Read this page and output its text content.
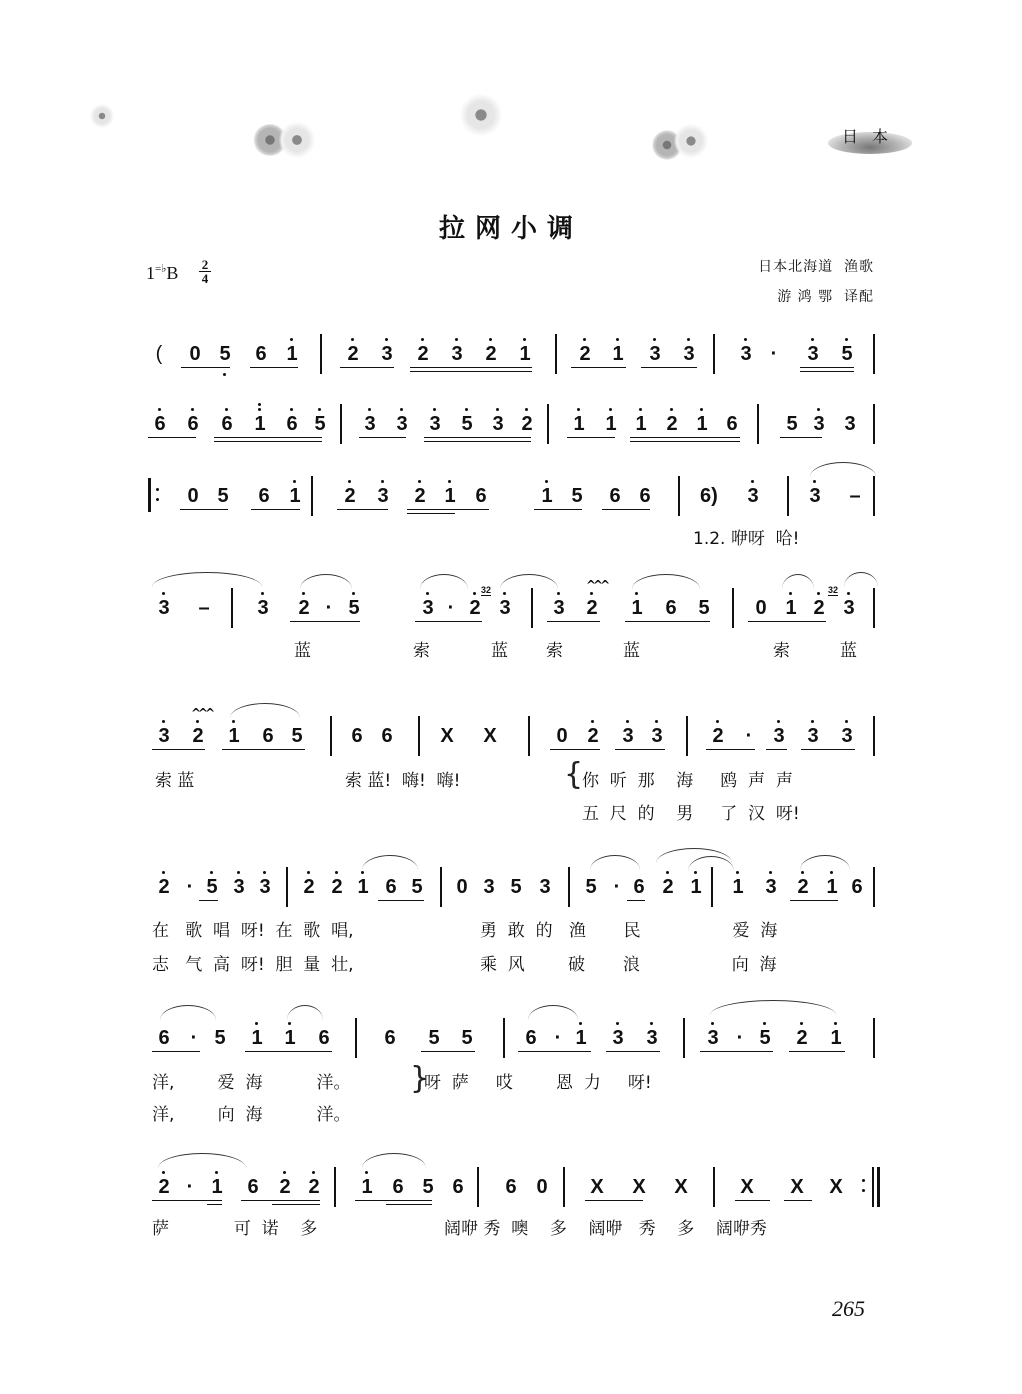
日本
拉网小调
$1^{=♭}B \frac{2}{4}$	日本北海道  渔歌
游 鸿 鄂  译配
( 0 5 6 1 2 3 2 3 2 1 2 1 3 3 3 · 3 5
6 6 6 1 6 5 3 3 3 5 3 2 1 1 1 2 1 6 5 3 3
0 5 6 1 2 3 2 1 6	1 5 6 6 6) 3	3 –
1.2. 咿呀  哈!
3 – 3 2 · 5	3 · 2 3 3 2 1 6 5 0 1 2 3
蓝	索	蓝 索	蓝	索	蓝
3 2 1 6 5 6 6 X X	0 2 3 3 2 · 3 3 3
索 蓝	索 蓝!  嗨!  嗨!	你  听  那    海     鸥  声  声
五  尺  的    男     了  汉  呀!
2 · 5 3 3 2 2 1 6 5 0 3 5 3 5 · 6 2 1 1 3 2 1 6
在   歌  唱  呀!  在  歌  唱,	勇  敢  的   渔       民                 爱  海
志   气  高  呀!  胆  量  壮,	乘  风        破       浪                 向  海
6 · 5 1 1 6	6 5 5	6 · 1 3 3 3 · 5 2 1
洋,        爱  海          洋。	呀  萨     哎        恩  力     呀!
洋,        向  海          洋。
2 · 1 6 2 2 1 6 5 6 6 0 X X X	X X X
萨            可  诺    多	阔咿 秀  噢    多    阔咿   秀    多    阔咿秀
32	32
^^^
^^^
{
}
265
